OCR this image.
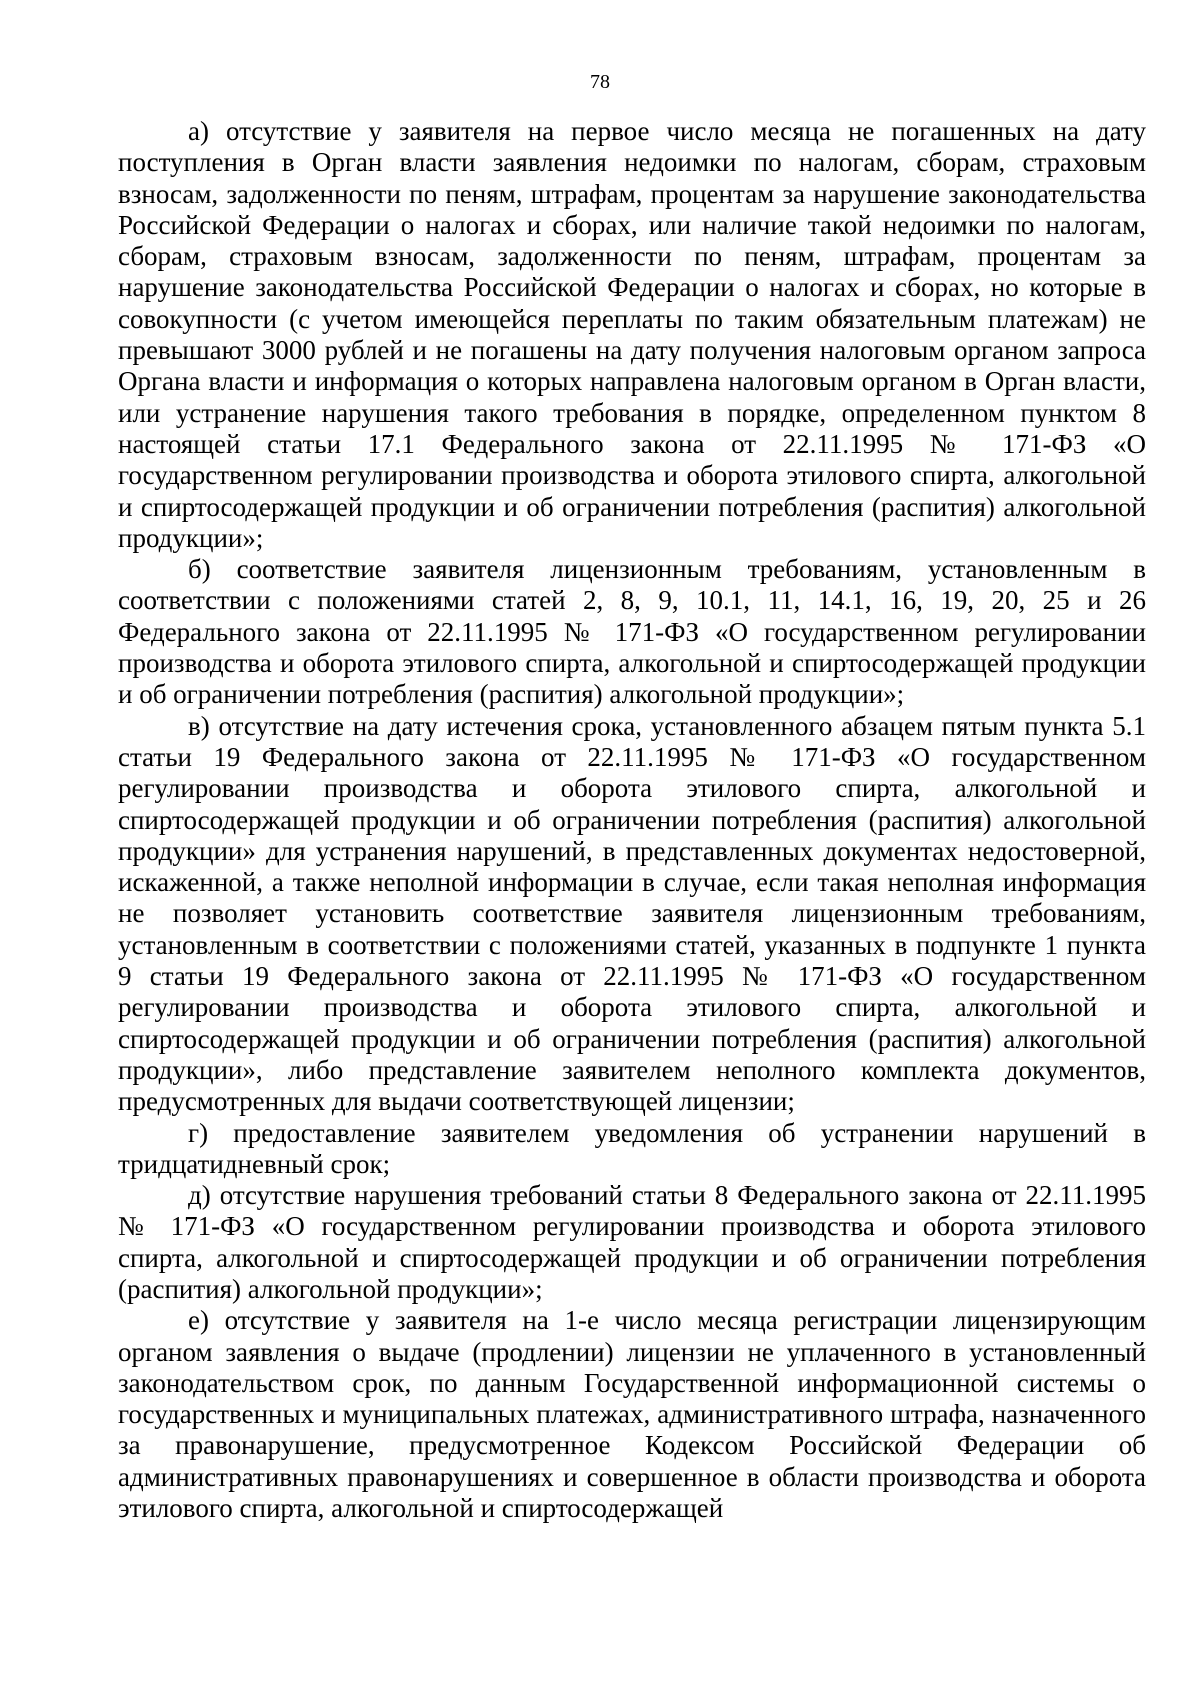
78

а) отсутствие у заявителя на первое число месяца не погашенных на дату поступления в Орган власти заявления недоимки по налогам, сборам, страховым взносам, задолженности по пеням, штрафам, процентам за нарушение законодательства Российской Федерации о налогах и сборах, или наличие такой недоимки по налогам, сборам, страховым взносам, задолженности по пеням, штрафам, процентам за нарушение законодательства Российской Федерации о налогах и сборах, но которые в совокупности (с учетом имеющейся переплаты по таким обязательным платежам) не превышают 3000 рублей и не погашены на дату получения налоговым органом запроса Органа власти и информация о которых направлена налоговым органом в Орган власти, или устранение нарушения такого требования в порядке, определенном пунктом 8 настоящей статьи 17.1 Федерального закона от 22.11.1995 № 171-ФЗ «О государственном регулировании производства и оборота этилового спирта, алкогольной и спиртосодержащей продукции и об ограничении потребления (распития) алкогольной продукции»;

б) соответствие заявителя лицензионным требованиям, установленным в соответствии с положениями статей 2, 8, 9, 10.1, 11, 14.1, 16, 19, 20, 25 и 26 Федерального закона от 22.11.1995 № 171-ФЗ «О государственном регулировании производства и оборота этилового спирта, алкогольной и спиртосодержащей продукции и об ограничении потребления (распития) алкогольной продукции»;

в) отсутствие на дату истечения срока, установленного абзацем пятым пункта 5.1 статьи 19 Федерального закона от 22.11.1995 № 171-ФЗ «О государственном регулировании производства и оборота этилового спирта, алкогольной и спиртосодержащей продукции и об ограничении потребления (распития) алкогольной продукции» для устранения нарушений, в представленных документах недостоверной, искаженной, а также неполной информации в случае, если такая неполная информация не позволяет установить соответствие заявителя лицензионным требованиям, установленным в соответствии с положениями статей, указанных в подпункте 1 пункта 9 статьи 19 Федерального закона от 22.11.1995 № 171-ФЗ «О государственном регулировании производства и оборота этилового спирта, алкогольной и спиртосодержащей продукции и об ограничении потребления (распития) алкогольной продукции», либо представление заявителем неполного комплекта документов, предусмотренных для выдачи соответствующей лицензии;

г) предоставление заявителем уведомления об устранении нарушений в тридцатидневный срок;

д) отсутствие нарушения требований статьи 8 Федерального закона от 22.11.1995 № 171-ФЗ «О государственном регулировании производства и оборота этилового спирта, алкогольной и спиртосодержащей продукции и об ограничении потребления (распития) алкогольной продукции»;

е) отсутствие у заявителя на 1-е число месяца регистрации лицензирующим органом заявления о выдаче (продлении) лицензии не уплаченного в установленный законодательством срок, по данным Государственной информационной системы о государственных и муниципальных платежах, административного штрафа, назначенного за правонарушение, предусмотренное Кодексом Российской Федерации об административных правонарушениях и совершенное в области производства и оборота этилового спирта, алкогольной и спиртосодержащей
